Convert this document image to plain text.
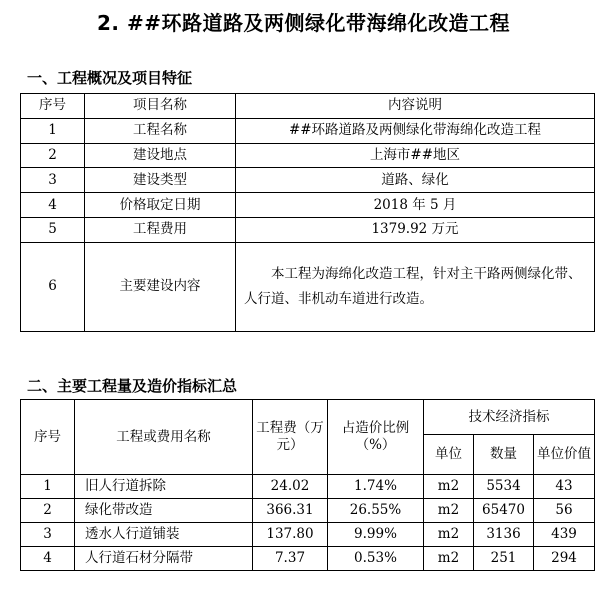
2. ##环路道路及两侧绿化带海绵化改造工程
一、工程概况及项目特征
序号	项目名称	内容说明
1	工程名称	##环路道路及两侧绿化带海绵化改造工程
2	建设地点	上海市##地区
3	建设类型	道路、绿化
4	价格取定日期	2018 年 5 月
5	工程费用	1379.92 万元
6	主要建设内容	本工程为海绵化改造工程，针对主干路两侧绿化带、人行道、非机动车道进行改造。
二、主要工程量及造价指标汇总
序号	工程或费用名称	工程费（万元）	占造价比例（%）	技术经济指标		
				单位	数量	单位价值
1	旧人行道拆除	24.02	1.74%	m2	5534	43
2	绿化带改造	366.31	26.55%	m2	65470	56
3	透水人行道铺装	137.80	9.99%	m2	3136	439
4	人行道石材分隔带	7.37	0.53%	m2	251	294
